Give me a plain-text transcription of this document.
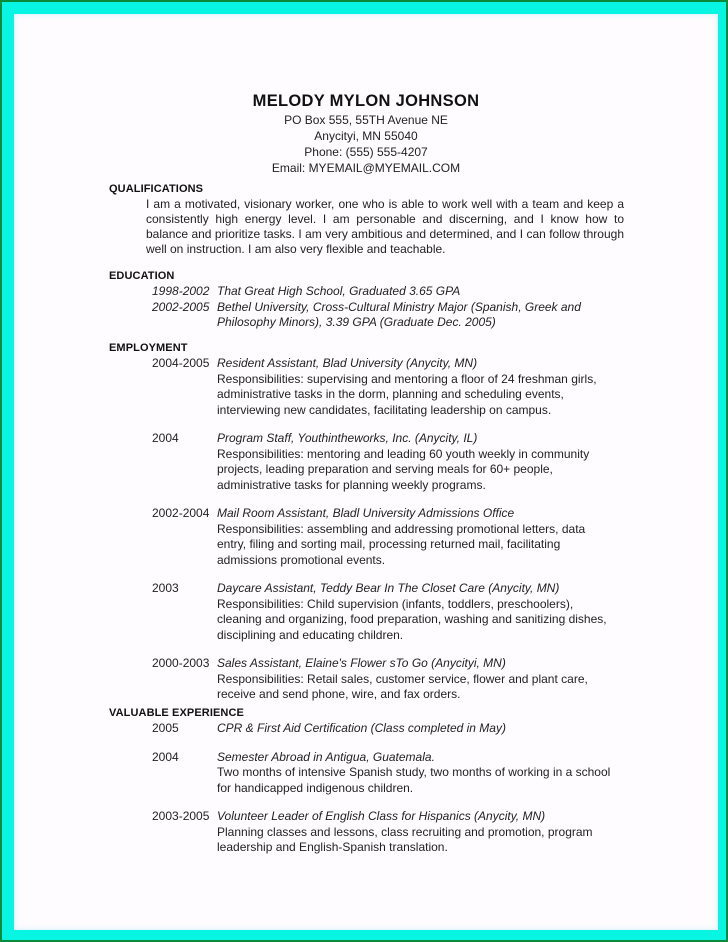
MELODY MYLON JOHNSON
PO Box 555, 55TH Avenue NE
Anycityi, MN 55040
Phone: (555) 555-4207
Email: MYEMAIL@MYEMAIL.COM
QUALIFICATIONS
I am a motivated, visionary worker, one who is able to work well with a team and keep a consistently high energy level. I am personable and discerning, and I know how to balance and prioritize tasks. I am very ambitious and determined, and I can follow through well on instruction. I am also very flexible and teachable.
EDUCATION
1998-2002 That Great High School, Graduated 3.65 GPA
2002-2005 Bethel University, Cross-Cultural Ministry Major (Spanish, Greek and Philosophy Minors), 3.39 GPA (Graduate Dec. 2005)
EMPLOYMENT
2004-2005 Resident Assistant, Blad University (Anycity, MN)
Responsibilities: supervising and mentoring a floor of 24 freshman girls, administrative tasks in the dorm, planning and scheduling events, interviewing new candidates, facilitating leadership on campus.
2004	Program Staff, Youthintheworks, Inc. (Anycity, IL)
Responsibilities: mentoring and leading 60 youth weekly in community projects, leading preparation and serving meals for 60+ people, administrative tasks for planning weekly programs.
2002-2004 Mail Room Assistant, Bladl University Admissions Office
Responsibilities: assembling and addressing promotional letters, data entry, filing and sorting mail, processing returned mail, facilitating admissions promotional events.
2003	Daycare Assistant, Teddy Bear In The Closet Care (Anycity, MN)
Responsibilities: Child supervision (infants, toddlers, preschoolers), cleaning and organizing, food preparation, washing and sanitizing dishes, disciplining and educating children.
2000-2003 Sales Assistant, Elaine's Flower sTo Go (Anycityi, MN)
Responsibilities: Retail sales, customer service, flower and plant care, receive and send phone, wire, and fax orders.
VALUABLE EXPERIENCE
2005	CPR & First Aid Certification (Class completed in May)
2004	Semester Abroad in Antigua, Guatemala.
Two months of intensive Spanish study, two months of working in a school for handicapped indigenous children.
2003-2005 Volunteer Leader of English Class for Hispanics (Anycity, MN)
Planning classes and lessons, class recruiting and promotion, program leadership and English-Spanish translation.
